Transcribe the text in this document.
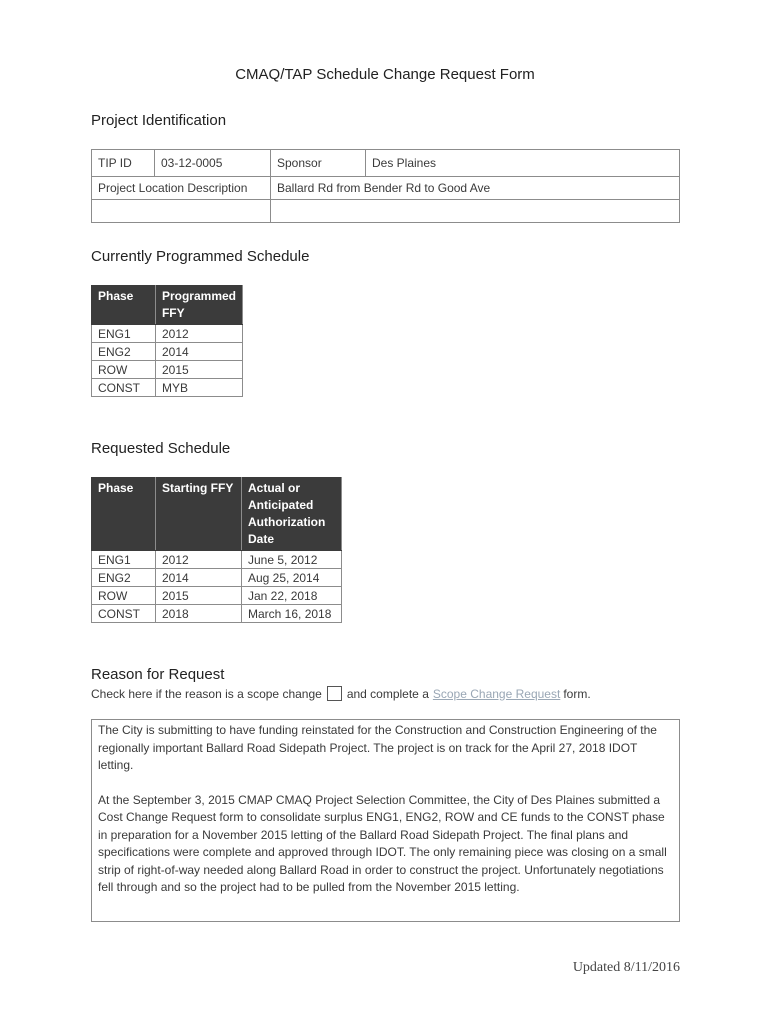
CMAQ/TAP Schedule Change Request Form
Project Identification
TIP ID	03-12-0005	Sponsor	Des Plaines
Project Location Description		Ballard Rd from Bender Rd to Good Ave	

Currently Programmed Schedule
Phase	Programmed FFY
ENG1	2012
ENG2	2014
ROW	2015
CONST	MYB
Requested Schedule
Phase	Starting FFY	Actual or Anticipated Authorization Date
ENG1	2012	June 5, 2012
ENG2	2014	Aug 25, 2014
ROW	2015	Jan 22, 2018
CONST	2018	March 16, 2018
Reason for Request
Check here if the reason is a scope change and complete a Scope Change Request form.

The City is submitting to have funding reinstated for the Construction and Construction Engineering of the regionally important Ballard Road Sidepath Project. The project is on track for the April 27, 2018 IDOT letting.

At the September 3, 2015 CMAP CMAQ Project Selection Committee, the City of Des Plaines submitted a Cost Change Request form to consolidate surplus ENG1, ENG2, ROW and CE funds to the CONST phase in preparation for a November 2015 letting of the Ballard Road Sidepath Project. The final plans and specifications were complete and approved through IDOT. The only remaining piece was closing on a small strip of right-of-way needed along Ballard Road in order to construct the project. Unfortunately negotiations fell through and so the project had to be pulled from the November 2015 letting.

Updated 8/11/2016
